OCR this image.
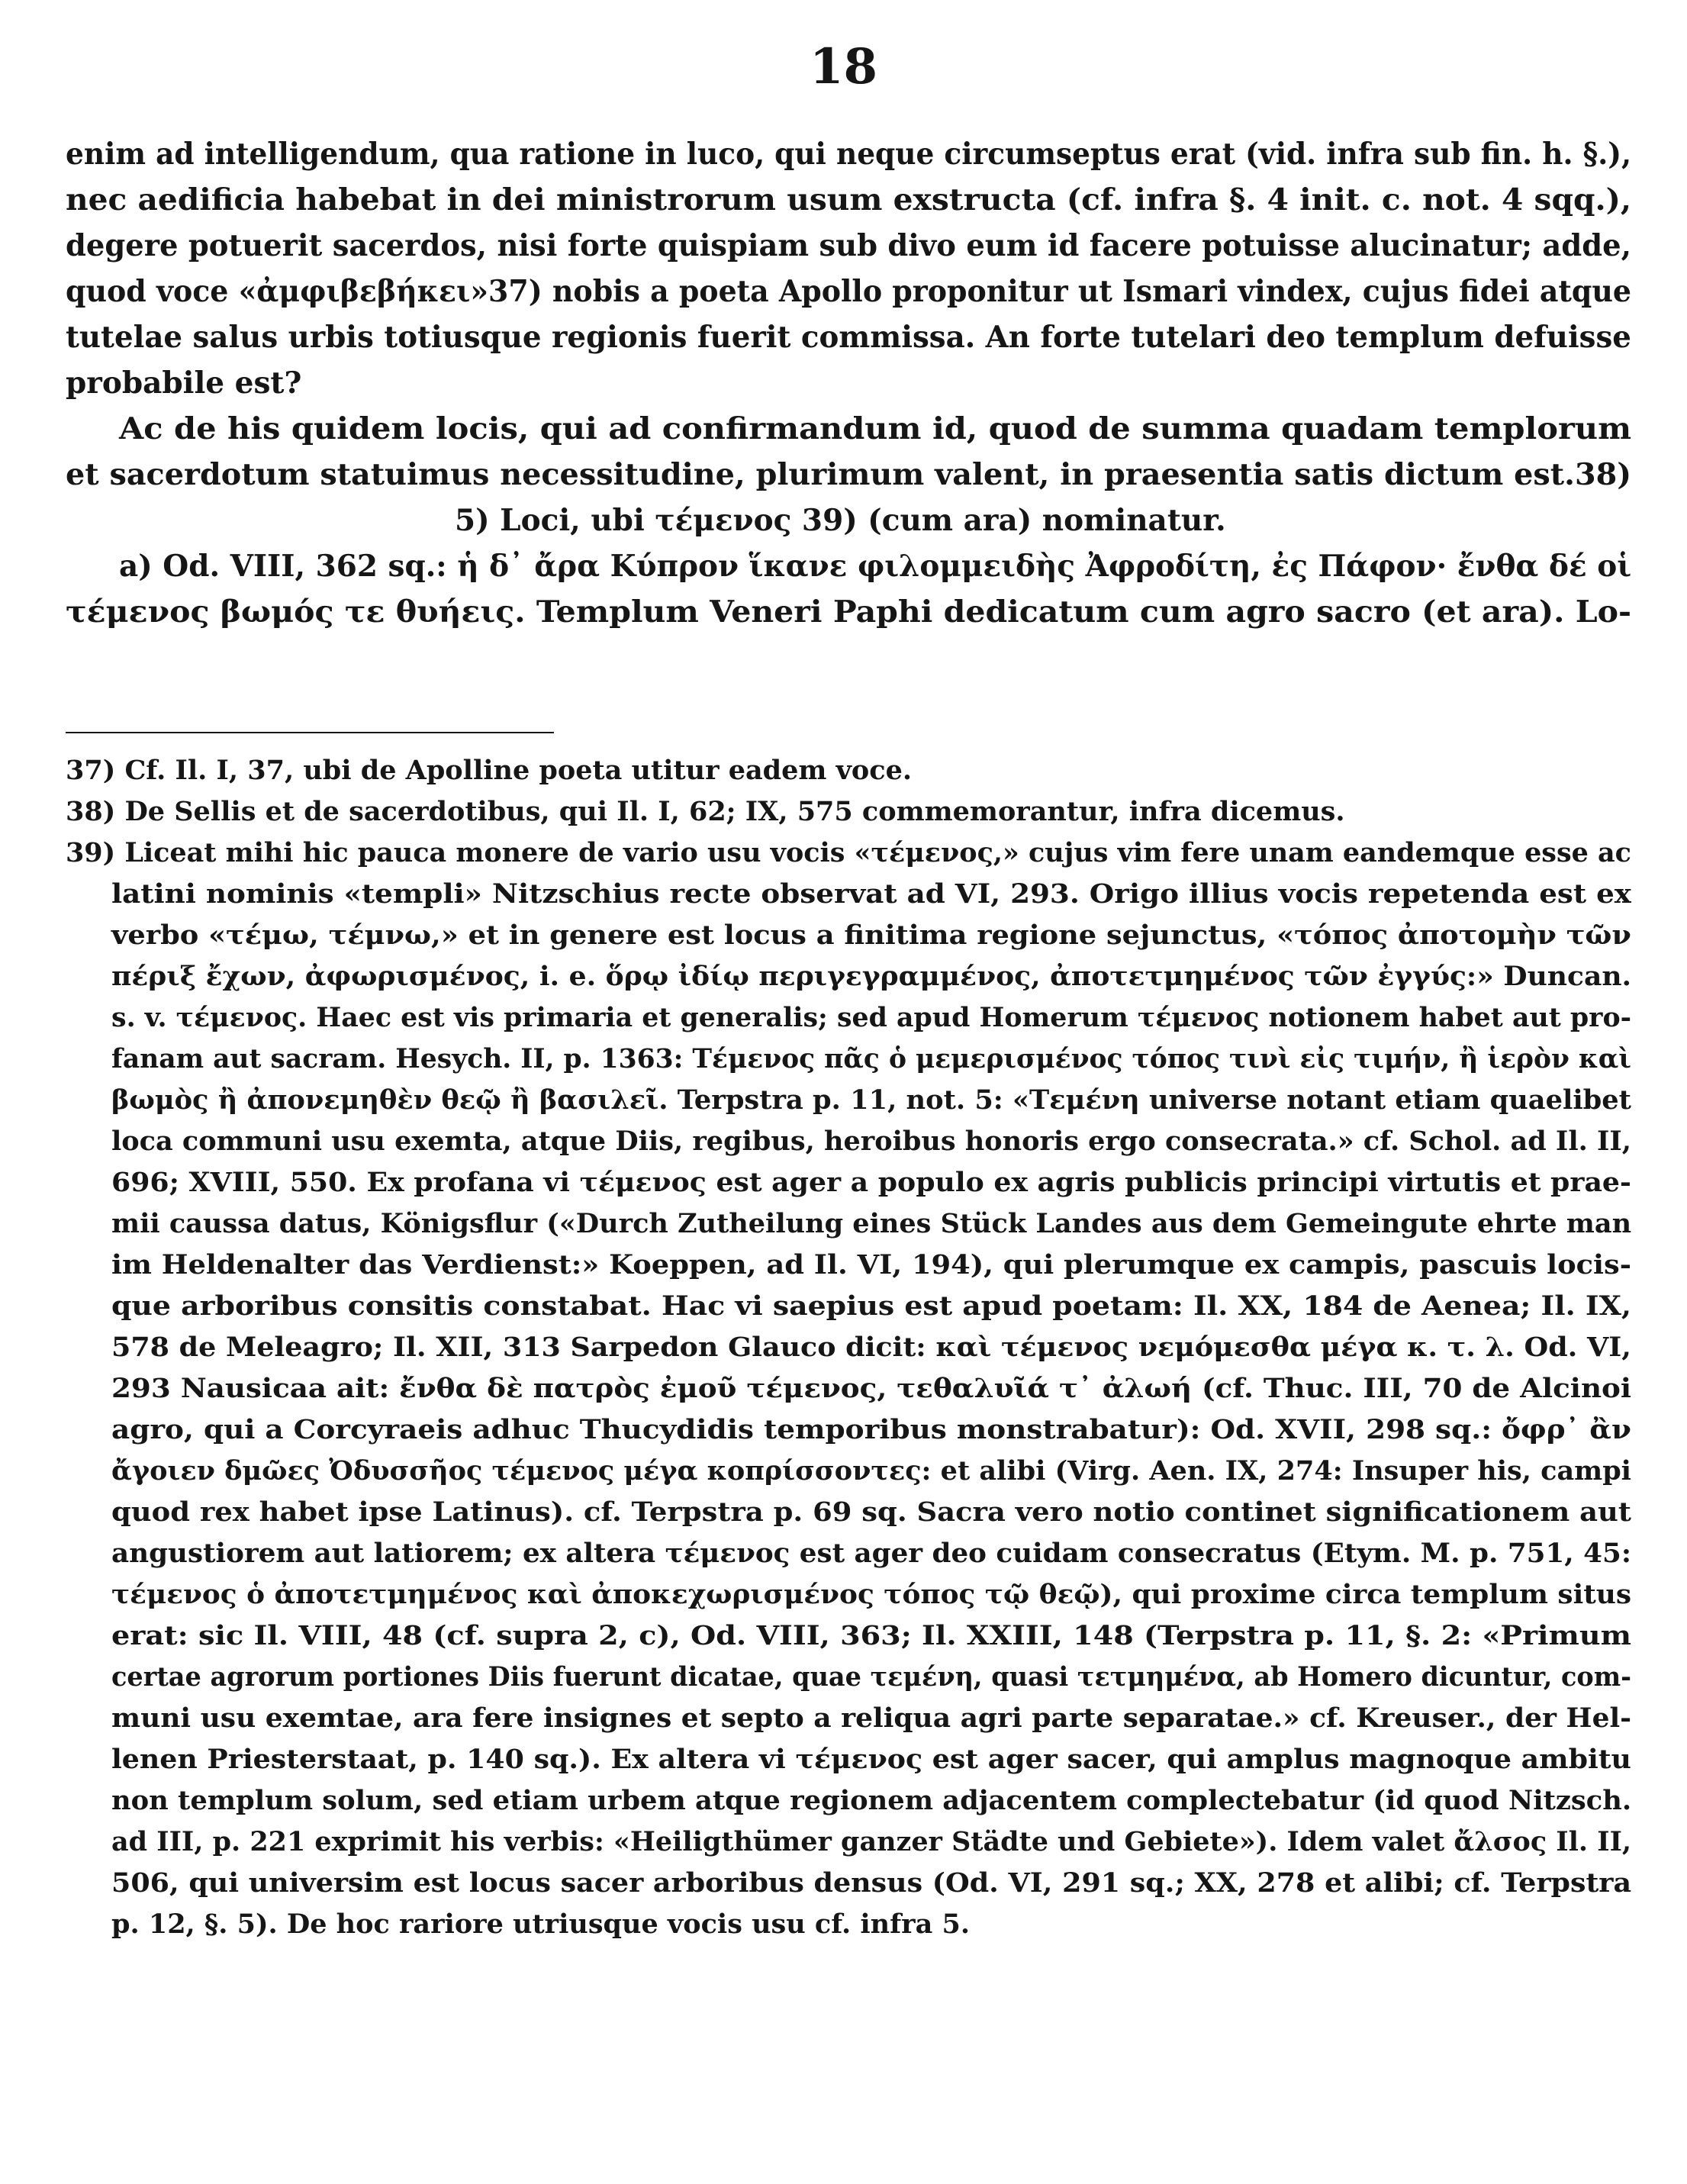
18
enim ad intelligendum, qua ratione in luco, qui neque circumseptus erat (vid. infra sub fin. h. §.),
nec aedificia habebat in dei ministrorum usum exstructa (cf. infra §. 4 init. c. not. 4 sqq.),
degere potuerit sacerdos, nisi forte quispiam sub divo eum id facere potuisse alucinatur; adde,
quod voce «ἀμφιβεβήκει»37) nobis a poeta Apollo proponitur ut Ismari vindex, cujus fidei atque
tutelae salus urbis totiusque regionis fuerit commissa. An forte tutelari deo templum defuisse
probabile est?
Ac de his quidem locis, qui ad confirmandum id, quod de summa quadam templorum
et sacerdotum statuimus necessitudine, plurimum valent, in praesentia satis dictum est.38)
5) Loci, ubi τέμενος 39) (cum ara) nominatur.
a) Od. VIII, 362 sq.: ἡ δ᾽ ἄρα Κύπρον ἵκανε φιλομμειδὴς Ἀφροδίτη, ἐς Πάφον· ἔνθα δέ οἱ
τέμενος βωμός τε θυήεις. Templum Veneri Paphi dedicatum cum agro sacro (et ara). Lo-
37) Cf. Il. I, 37, ubi de Apolline poeta utitur eadem voce.
38) De Sellis et de sacerdotibus, qui Il. I, 62; IX, 575 commemorantur, infra dicemus.
39) Liceat mihi hic pauca monere de vario usu vocis «τέμενος,» cujus vim fere unam eandemque esse ac
latini nominis «templi» Nitzschius recte observat ad VI, 293. Origo illius vocis repetenda est ex
verbo «τέμω, τέμνω,» et in genere est locus a finitima regione sejunctus, «τόπος ἀποτομὴν τῶν
πέριξ ἔχων, ἀφωρισμένος, i. e. ὅρῳ ἰδίῳ περιγεγραμμένος, ἀποτετμημένος τῶν ἐγγύς:» Duncan.
s. v. τέμενος. Haec est vis primaria et generalis; sed apud Homerum τέμενος notionem habet aut pro-
fanam aut sacram. Hesych. II, p. 1363: Τέμενος πᾶς ὁ μεμερισμένος τόπος τινὶ εἰς τιμήν, ἢ ἱερὸν καὶ
βωμὸς ἢ ἀπονεμηθὲν θεῷ ἢ βασιλεῖ. Terpstra p. 11, not. 5: «Τεμένη universe notant etiam quaelibet
loca communi usu exemta, atque Diis, regibus, heroibus honoris ergo consecrata.» cf. Schol. ad Il. II,
696; XVIII, 550. Ex profana vi τέμενος est ager a populo ex agris publicis principi virtutis et prae-
mii caussa datus, Königsflur («Durch Zutheilung eines Stück Landes aus dem Gemeingute ehrte man
im Heldenalter das Verdienst:» Koeppen, ad Il. VI, 194), qui plerumque ex campis, pascuis locis-
que arboribus consitis constabat. Hac vi saepius est apud poetam: Il. XX, 184 de Aenea; Il. IX,
578 de Meleagro; Il. XII, 313 Sarpedon Glauco dicit: καὶ τέμενος νεμόμεσθα μέγα κ. τ. λ. Od. VI,
293 Nausicaa ait: ἔνθα δὲ πατρὸς ἐμοῦ τέμενος, τεθαλυῖά τ᾽ ἀλωή (cf. Thuc. III, 70 de Alcinoi
agro, qui a Corcyraeis adhuc Thucydidis temporibus monstrabatur): Od. XVII, 298 sq.: ὄφρ᾽ ἂν
ἄγοιεν δμῶες Ὀδυσσῆος τέμενος μέγα κοπρίσσοντες: et alibi (Virg. Aen. IX, 274: Insuper his, campi
quod rex habet ipse Latinus). cf. Terpstra p. 69 sq. Sacra vero notio continet significationem aut
angustiorem aut latiorem; ex altera τέμενος est ager deo cuidam consecratus (Etym. M. p. 751, 45:
τέμενος ὁ ἀποτετμημένος καὶ ἀποκεχωρισμένος τόπος τῷ θεῷ), qui proxime circa templum situs
erat: sic Il. VIII, 48 (cf. supra 2, c), Od. VIII, 363; Il. XXIII, 148 (Terpstra p. 11, §. 2: «Primum
certae agrorum portiones Diis fuerunt dicatae, quae τεμένη, quasi τετμημένα, ab Homero dicuntur, com-
muni usu exemtae, ara fere insignes et septo a reliqua agri parte separatae.» cf. Kreuser., der Hel-
lenen Priesterstaat, p. 140 sq.). Ex altera vi τέμενος est ager sacer, qui amplus magnoque ambitu
non templum solum, sed etiam urbem atque regionem adjacentem complectebatur (id quod Nitzsch.
ad III, p. 221 exprimit his verbis: «Heiligthümer ganzer Städte und Gebiete»). Idem valet ἄλσος Il. II,
506, qui universim est locus sacer arboribus densus (Od. VI, 291 sq.; XX, 278 et alibi; cf. Terpstra
p. 12, §. 5). De hoc rariore utriusque vocis usu cf. infra 5.
